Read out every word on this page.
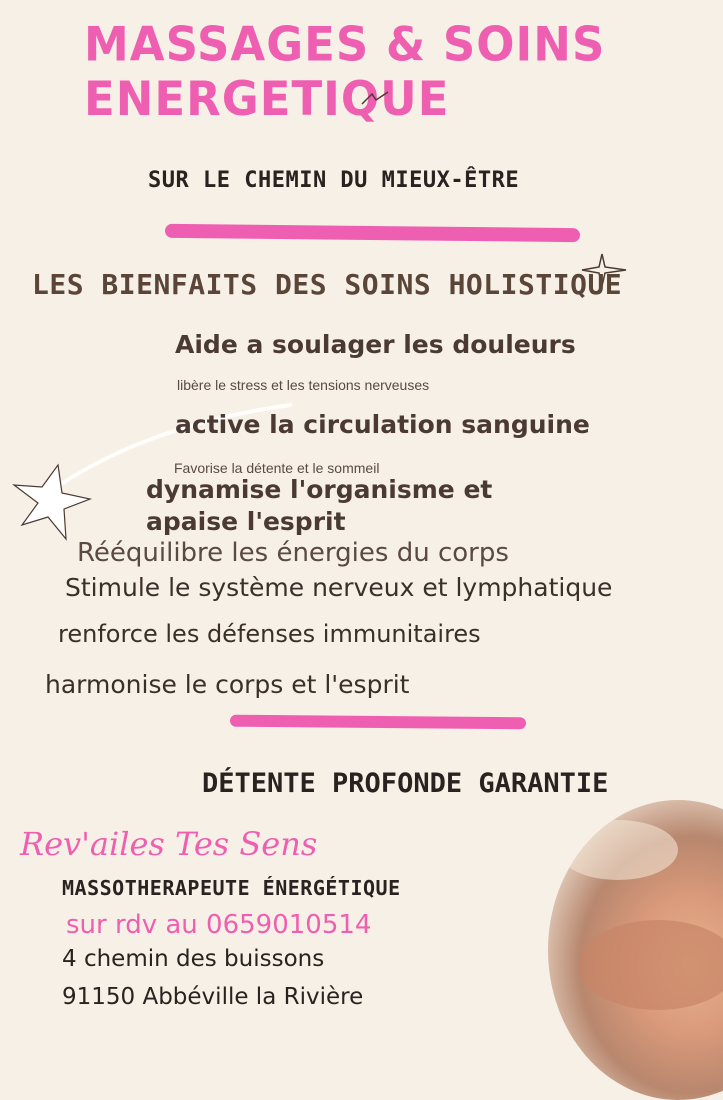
MASSAGES & SOINS
ENERGETIQUE
SUR LE CHEMIN DU MIEUX-ÊTRE
LES BIENFAITS DES SOINS HOLISTIQUE
Aide a soulager les douleurs
libère le stress et les tensions nerveuses
active la circulation sanguine
Favorise la détente et le sommeil
dynamise l'organisme et
apaise l'esprit
Rééquilibre les énergies du corps
Stimule le système nerveux et lymphatique
renforce les défenses immunitaires
harmonise le corps et l'esprit
DÉTENTE PROFONDE GARANTIE
Rev'ailes Tes Sens
MASSOTHERAPEUTE ÉNERGÉTIQUE
sur rdv au 0659010514
4 chemin des buissons
91150 Abbéville la Rivière
